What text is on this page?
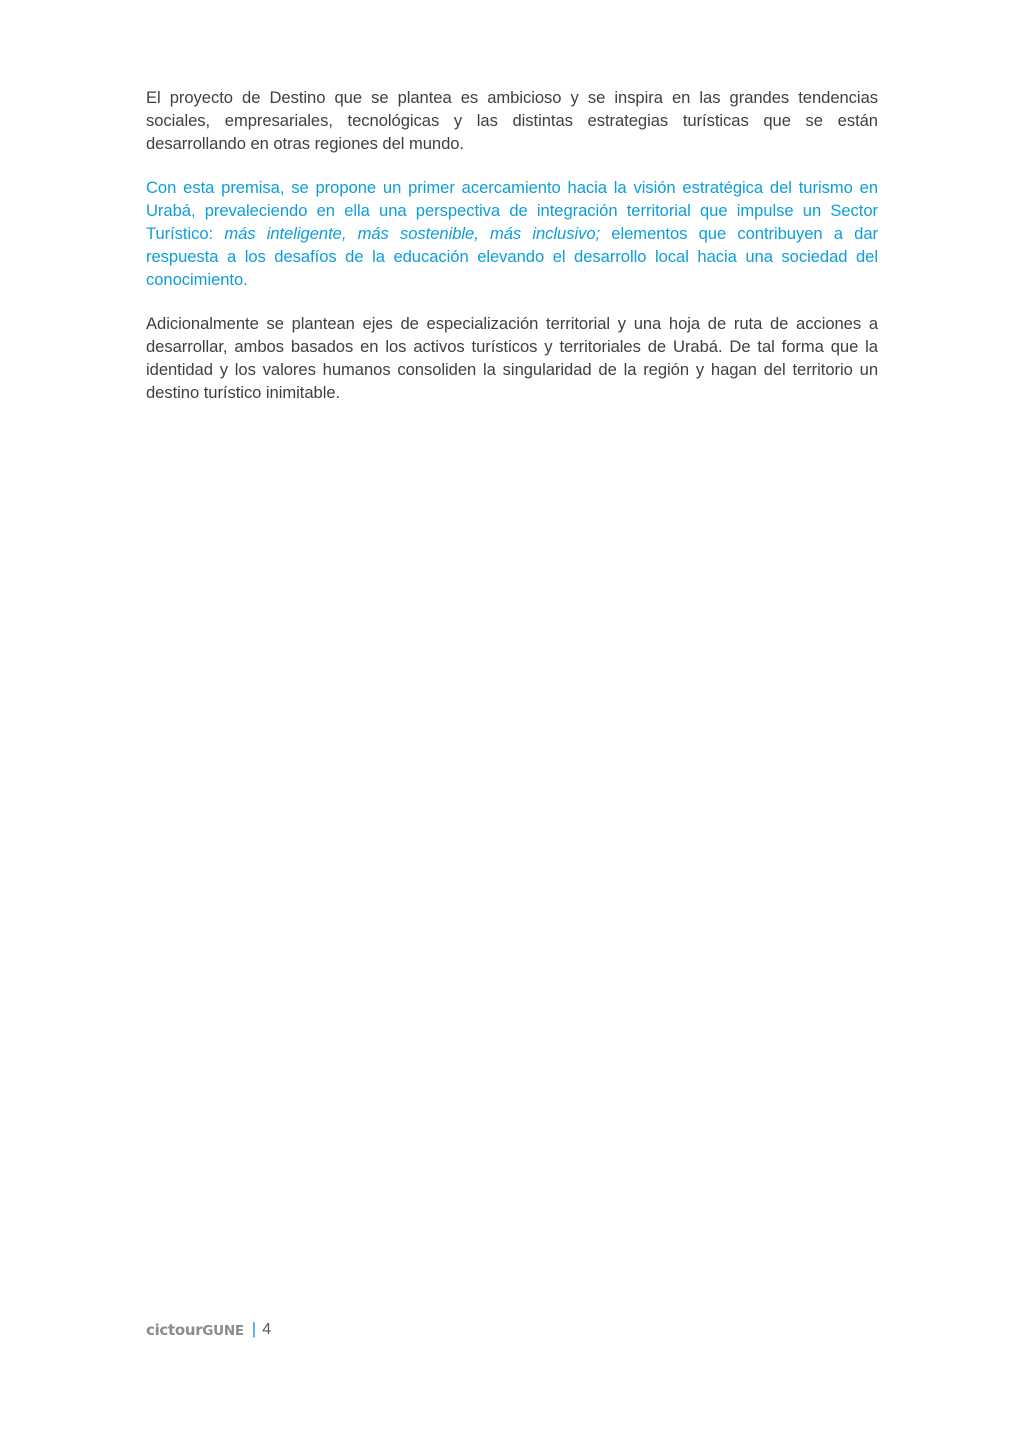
El proyecto de Destino que se plantea es ambicioso y se inspira en las grandes tendencias sociales, empresariales, tecnológicas y las distintas estrategias turísticas que se están desarrollando en otras regiones del mundo.

Con esta premisa, se propone un primer acercamiento hacia la visión estratégica del turismo en Urabá, prevaleciendo en ella una perspectiva de integración territorial que impulse un Sector Turístico: más inteligente, más sostenible, más inclusivo; elementos que contribuyen a dar respuesta a los desafíos de la educación elevando el desarrollo local hacia una sociedad del conocimiento.

Adicionalmente se plantean ejes de especialización territorial y una hoja de ruta de acciones a desarrollar, ambos basados en los activos turísticos y territoriales de Urabá. De tal forma que la identidad y los valores humanos consoliden la singularidad de la región y hagan del territorio un destino turístico inimitable.

cictourGUNE | 4
